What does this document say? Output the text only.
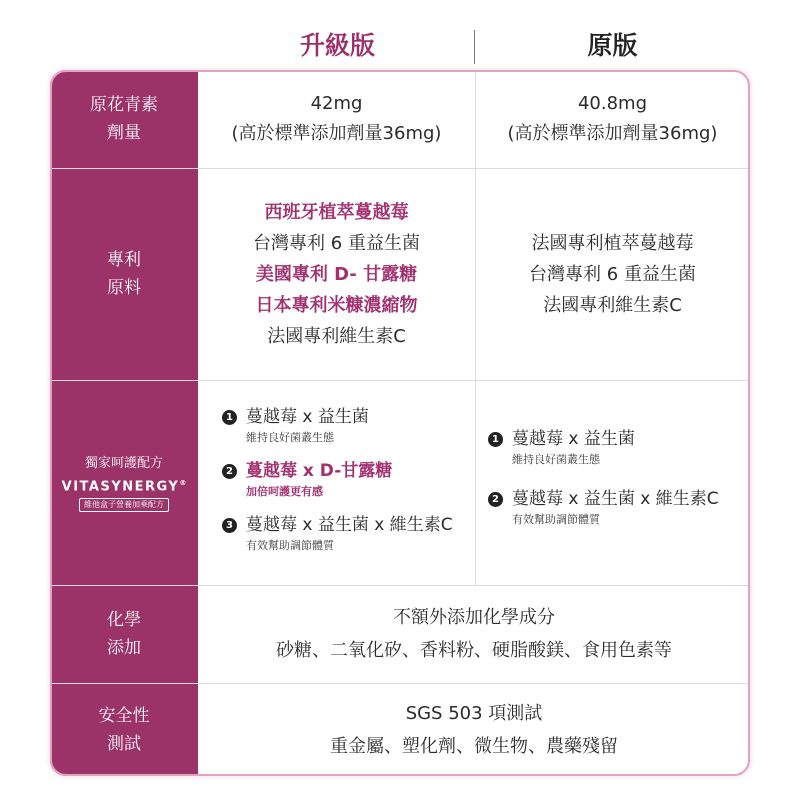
升級版	原版
原花青素
劑量
42mg
(高於標準添加劑量36mg)
40.8mg
(高於標準添加劑量36mg)
專利
原料
西班牙植萃蔓越莓
台灣專利 6 重益生菌
美國專利 D- 甘露糖
日本專利米糠濃縮物
法國專利維生素C
法國專利植萃蔓越莓
台灣專利 6 重益生菌
法國專利維生素C
獨家呵護配方
VITASYNERGY®
維他盒子營養加乘配方
1 蔓越莓 x 益生菌
維持良好菌叢生態
2 蔓越莓 x D-甘露糖
加倍呵護更有感
3 蔓越莓 x 益生菌 x 維生素C
有效幫助調節體質
1 蔓越莓 x 益生菌
維持良好菌叢生態
2 蔓越莓 x 益生菌 x 維生素C
有效幫助調節體質
化學
添加
不額外添加化學成分
砂糖、二氧化矽、香料粉、硬脂酸鎂、食用色素等
安全性
測試
SGS 503 項測試
重金屬、塑化劑、微生物、農藥殘留
